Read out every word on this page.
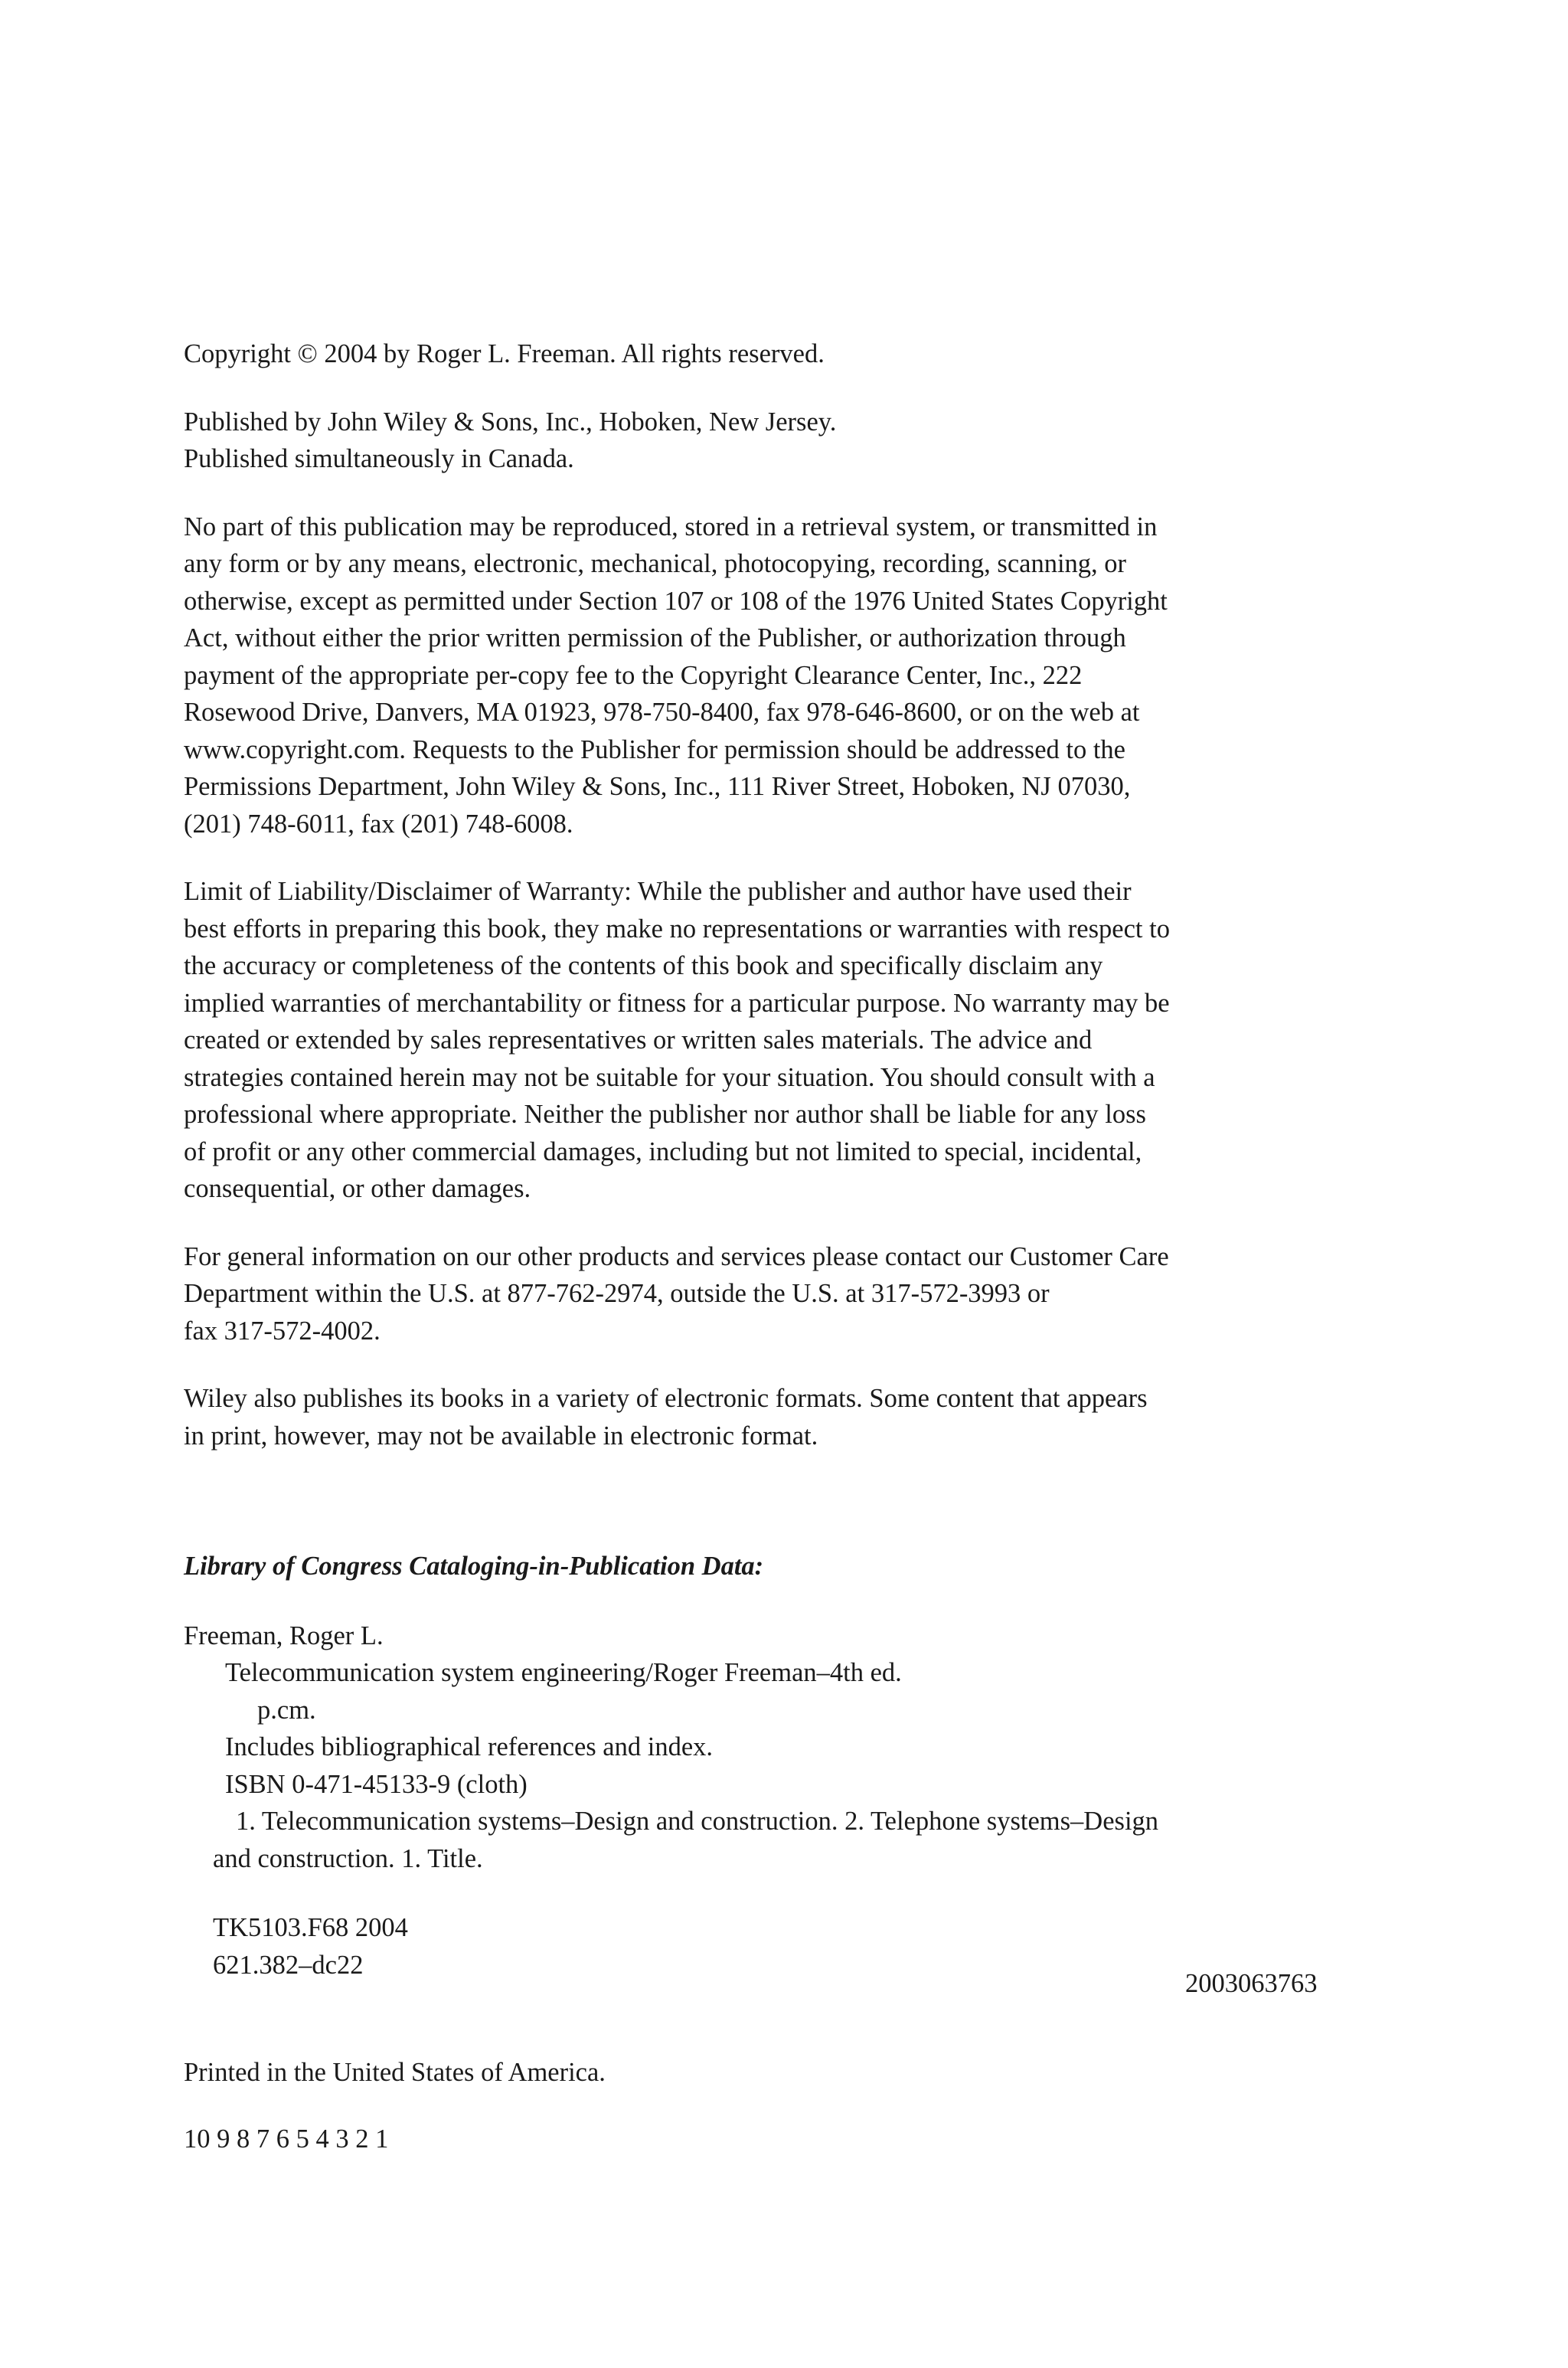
Copyright © 2004 by Roger L. Freeman. All rights reserved.

Published by John Wiley & Sons, Inc., Hoboken, New Jersey.

Published simultaneously in Canada.

No part of this publication may be reproduced, stored in a retrieval system, or transmitted in

any form or by any means, electronic, mechanical, photocopying, recording, scanning, or

otherwise, except as permitted under Section 107 or 108 of the 1976 United States Copyright

Act, without either the prior written permission of the Publisher, or authorization through

payment of the appropriate per-copy fee to the Copyright Clearance Center, Inc., 222

Rosewood Drive, Danvers, MA 01923, 978-750-8400, fax 978-646-8600, or on the web at

www.copyright.com. Requests to the Publisher for permission should be addressed to the

Permissions Department, John Wiley & Sons, Inc., 111 River Street, Hoboken, NJ 07030,

(201) 748-6011, fax (201) 748-6008.

Limit of Liability/Disclaimer of Warranty: While the publisher and author have used their

best efforts in preparing this book, they make no representations or warranties with respect to

the accuracy or completeness of the contents of this book and specifically disclaim any

implied warranties of merchantability or fitness for a particular purpose. No warranty may be

created or extended by sales representatives or written sales materials. The advice and

strategies contained herein may not be suitable for your situation. You should consult with a

professional where appropriate. Neither the publisher nor author shall be liable for any loss

of profit or any other commercial damages, including but not limited to special, incidental,

consequential, or other damages.

For general information on our other products and services please contact our Customer Care

Department within the U.S. at 877-762-2974, outside the U.S. at 317-572-3993 or

fax 317-572-4002.

Wiley also publishes its books in a variety of electronic formats. Some content that appears

in print, however, may not be available in electronic format.

Library of Congress Cataloging-in-Publication Data:

Freeman, Roger L.

Telecommunication system engineering/Roger Freeman–4th ed.

p.cm.

Includes bibliographical references and index.

ISBN 0-471-45133-9 (cloth)

1. Telecommunication systems–Design and construction. 2. Telephone systems–Design

and construction. 1. Title.

TK5103.F68 2004

621.382–dc22

2003063763

Printed in the United States of America.

10 9 8 7 6 5 4 3 2 1
